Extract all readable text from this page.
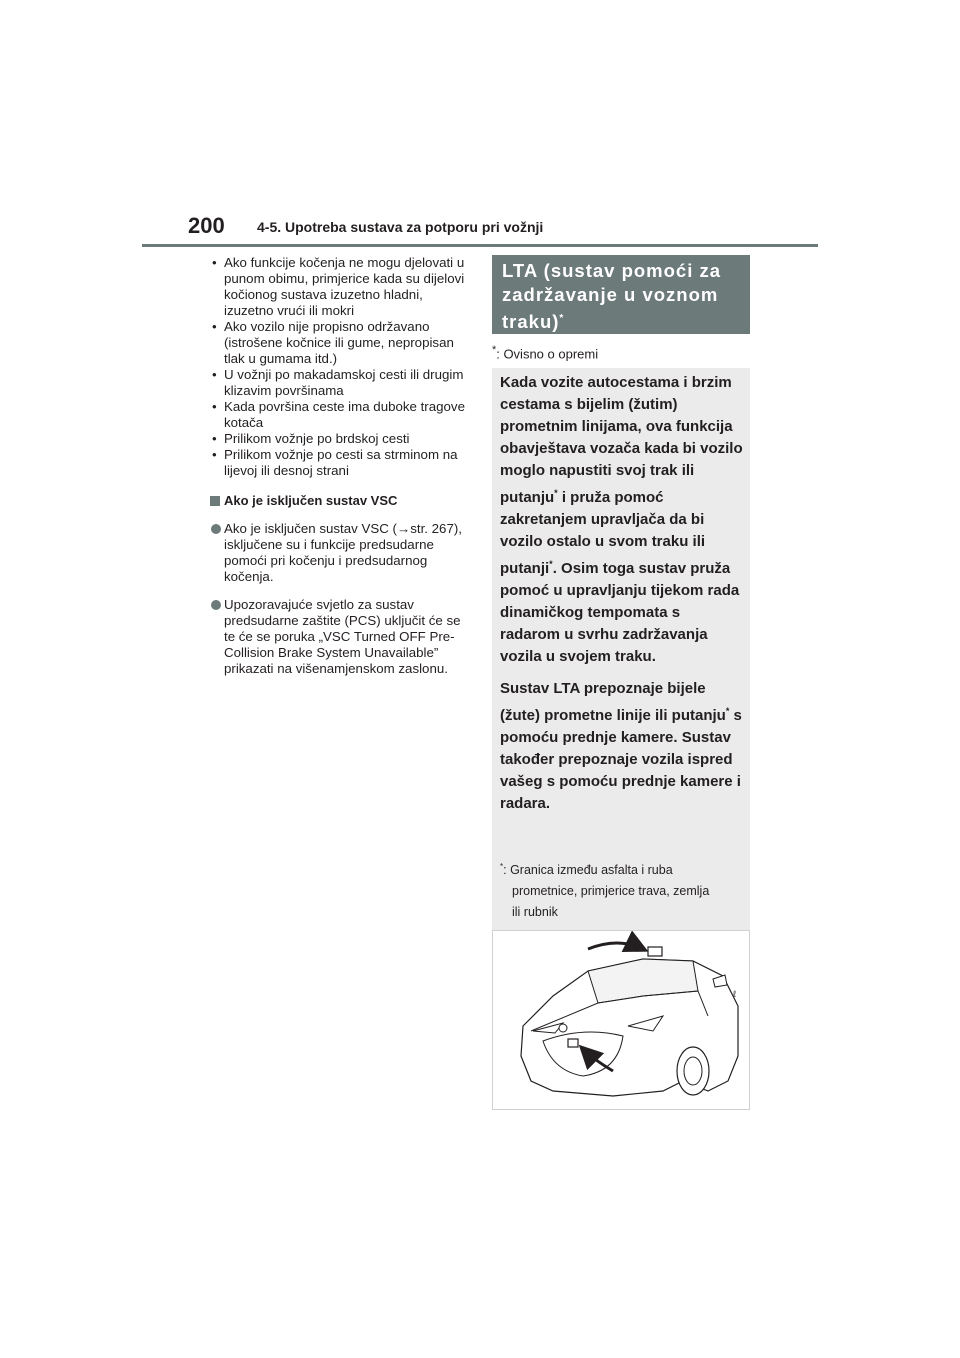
200 4-5. Upotreba sustava za potporu pri vožnji
• Ako funkcije kočenja ne mogu djelovati u punom obimu, primjerice kada su dijelovi kočionog sustava izuzetno hladni, izuzetno vrući ili mokri
• Ako vozilo nije propisno održavano (istrošene kočnice ili gume, nepropisan tlak u gumama itd.)
• U vožnji po makadamskoj cesti ili drugim klizavim površinama
• Kada površina ceste ima duboke tragove kotača
• Prilikom vožnje po brdskoj cesti
• Prilikom vožnje po cesti sa strminom na lijevoj ili desnoj strani
Ako je isključen sustav VSC
Ako je isključen sustav VSC (→str. 267), isključene su i funkcije predsudarne pomoći pri kočenju i predsudarnog kočenja.
Upozoravajuće svjetlo za sustav predsudarne zaštite (PCS) uključit će se te će se poruka „VSC Turned OFF Pre-Collision Brake System Unavailable” prikazati na višenamjenskom zaslonu.
LTA (sustav pomoći za zadržavanje u voznom traku)*
*: Ovisno o opremi

Kada vozite autocestama i brzim cestama s bijelim (žutim) prometnim linijama, ova funkcija obavještava vozača kada bi vozilo moglo napustiti svoj trak ili putanju* i pruža pomoć zakretanjem upravljača da bi vozilo ostalo u svom traku ili putanji*. Osim toga sustav pruža pomoć u upravljanju tijekom rada dinamičkog tempomata s radarom u svrhu zadržavanja vozila u svojem traku.

Sustav LTA prepoznaje bijele (žute) prometne linije ili putanju* s pomoću prednje kamere. Sustav također prepoznaje vozila ispred vašeg s pomoću prednje kamere i radara.

*: Granica između asfalta i ruba
prometnice, primjerice trava, zemlja
ili rubnik
ℓ
